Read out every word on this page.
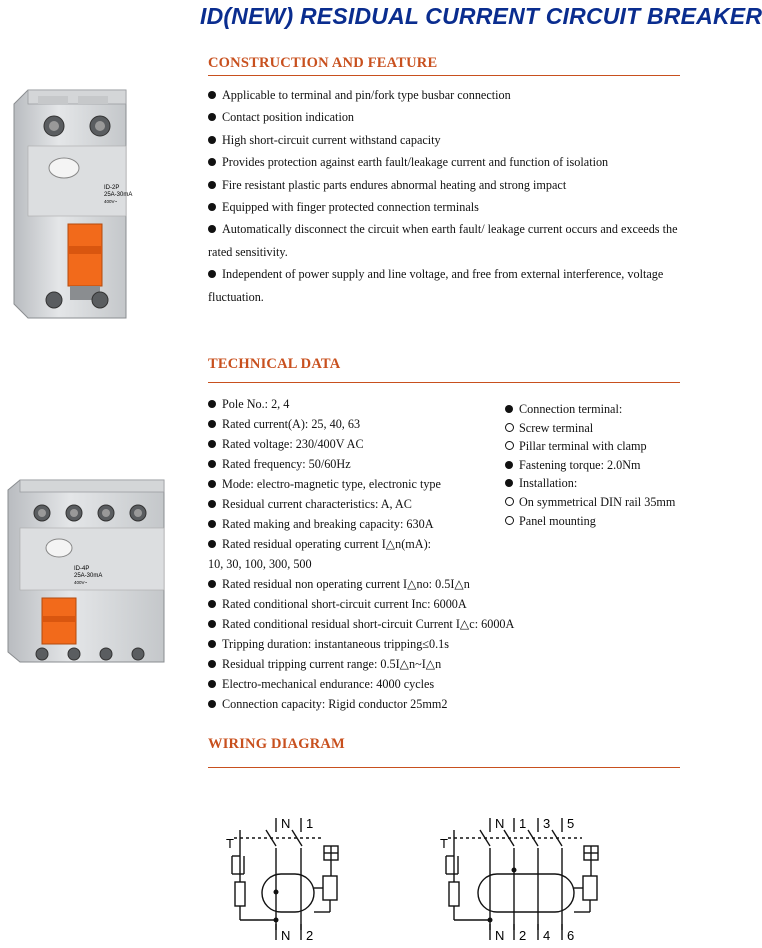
ID(NEW) RESIDUAL CURRENT CIRCUIT BREAKER
CONSTRUCTION AND FEATURE
Applicable to terminal and pin/fork type busbar connection
Contact position indication
High short-circuit current withstand capacity
Provides protection against earth fault/leakage current and function of isolation
Fire resistant plastic parts endures abnormal heating and strong impact
Equipped with finger protected connection terminals
Automatically disconnect the circuit when earth fault/ leakage current occurs and exceeds the
rated sensitivity.
Independent of power supply and line voltage, and free from external interference, voltage
fluctuation.
ID-2P
25A-30mA
400V~
TECHNICAL DATA
Pole No.: 2, 4
Rated current(A): 25, 40, 63
Rated voltage: 230/400V AC
Rated frequency: 50/60Hz
Mode: electro-magnetic type, electronic type
Residual current characteristics: A, AC
Rated making and breaking capacity: 630A
Rated residual operating current I△n(mA):
10, 30, 100, 300, 500
Rated residual non operating current I△no: 0.5I△n
Rated conditional short-circuit current Inc: 6000A
Rated conditional residual short-circuit Current I△c: 6000A
Tripping duration: instantaneous tripping≤0.1s
Residual tripping current range: 0.5I△n~I△n
Electro-mechanical endurance: 4000 cycles
Connection capacity: Rigid conductor 25mm2
Connection terminal:
Screw terminal
Pillar terminal with clamp
Fastening torque: 2.0Nm
Installation:
On symmetrical DIN rail 35mm
Panel mounting
ID-4P
25A-30mA
400V~
WIRING DIAGRAM
T
N 1
N 2
T
N 1 3 5
N 2 4 6
